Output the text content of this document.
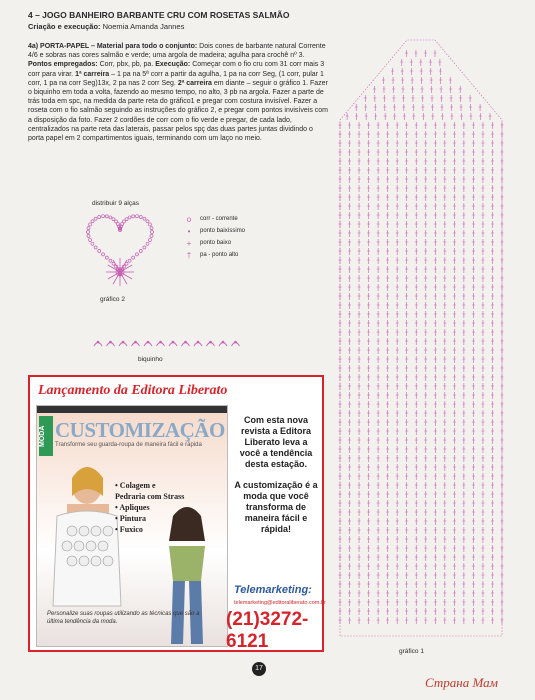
4 – JOGO BANHEIRO BARBANTE CRU COM ROSETAS SALMÃO
Criação e execução: Noemia Amanda Jannes
4a) PORTA-PAPEL – Material para todo o conjunto: Dois cones de barbante natural Corrente 4/6 e sobras nas cores salmão e verde; uma argola de madeira; agulha para crochê nº 3. Pontos empregados: Corr, pbx, pb, pa. Execução: Começar com o fio cru com 31 corr mais 3 corr para virar. 1ª carreira – 1 pa na 5ª corr a partir da agulha, 1 pa na corr Seg, (1 corr, pular 1 corr, 1 pa na corr Seg)13x, 2 pa nas 2 corr Seg. 2ª carreira em diante – seguir o gráfico 1. Fazer o biquinho em toda a volta, fazendo ao mesmo tempo, no alto, 3 pb na argola. Fazer a parte de trás toda em spc, na medida da parte reta do gráfico1 e pregar com costura invisível. Fazer a roseta com o fio salmão seguindo as instruções do gráfico 2, e pregar com pontos invisíveis com a disposição da foto. Fazer 2 cordões de corr com o fio verde e pregar, de cada lado, centralizados na parte reta das laterais, passar pelos spç das duas partes juntas dividindo o porta papel em 2 compartimentos iguais, terminando com um laço no meio.
distribuir 9 alças
gráfico 2
biquinho
gráfico 1
o	corr - corrente
•	ponto baixíssimo
+	ponto baixo
†	pa - ponto alto
Lançamento da Editora Liberato
MODA CUSTOMIZAÇÃO
Transforme seu guarda-roupa de maneira fácil e rápida
• Colagem e
Pedraria com Strass
• Apliques
• Pintura
• Fuxico
Personalize suas roupas utilizando as técnicas que são a última tendência da moda.
Com esta nova revista a Editora Liberato leva a você a tendência desta estação.
A customização é a moda que você transforma de maneira fácil e rápida!
Telemarketing:
telemarketing@editoraliberato.com.br
(21)3272-6121
17
Страна Мам
